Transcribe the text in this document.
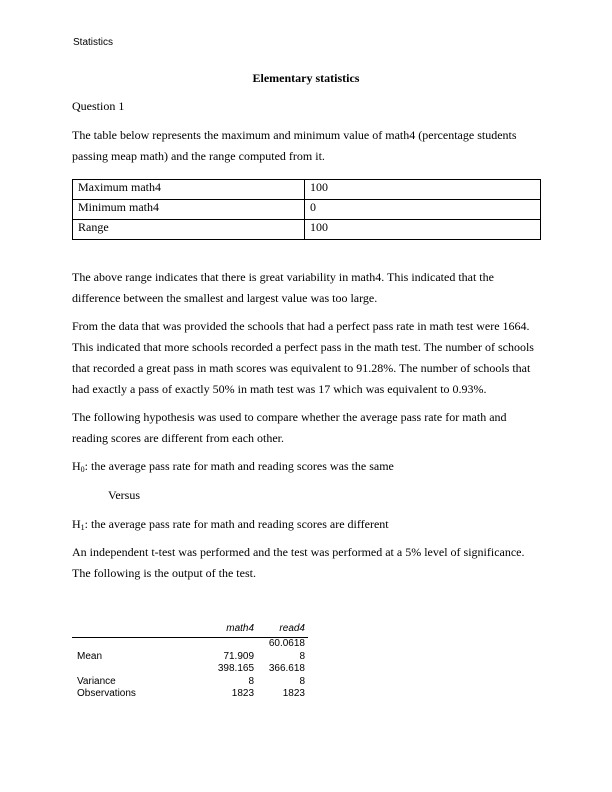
Statistics
Elementary statistics

Question 1

The table below represents the maximum and minimum value of math4 (percentage students passing meap math) and the range computed from it.

Maximum math4	100
Minimum math4	0
Range	100

The above range indicates that there is great variability in math4. This indicated that the difference between the smallest and largest value was too large.

From the data that was provided the schools that had a perfect pass rate in math test were 1664. This indicated that more schools recorded a perfect pass in the math test. The number of schools that recorded a great pass in math scores was equivalent to 91.28%. The number of schools that had exactly a pass of exactly 50% in math test was 17 which was equivalent to 0.93%.

The following hypothesis was used to compare whether the average pass rate for math and reading scores are different from each other.

$H_0$: the average pass rate for math and reading scores was the same

Versus

$H_1$: the average pass rate for math and reading scores are different

An independent t-test was performed and the test was performed at a 5% level of significance. The following is the output of the test.

	math4	read4
		60.0618
Mean	71.909	8
	398.165	366.618
Variance	8	8
Observations	1823	1823
